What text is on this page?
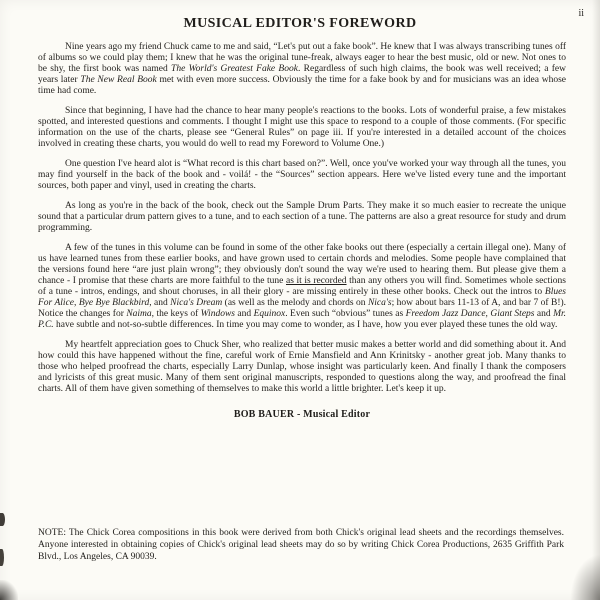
ii
MUSICAL EDITOR'S FOREWORD

Nine years ago my friend Chuck came to me and said, “Let's put out a fake book”. He knew that I was always transcribing tunes off of albums so we could play them; I knew that he was the original tune-freak, always eager to hear the best music, old or new. Not ones to be shy, the first book was named The World's Greatest Fake Book. Regardless of such high claims, the book was well received; a few years later The New Real Book met with even more success. Obviously the time for a fake book by and for musicians was an idea whose time had come.

Since that beginning, I have had the chance to hear many people's reactions to the books. Lots of wonderful praise, a few mistakes spotted, and interested questions and comments. I thought I might use this space to respond to a couple of those comments. (For specific information on the use of the charts, please see “General Rules” on page iii. If you're interested in a detailed account of the choices involved in creating these charts, you would do well to read my Foreword to Volume One.)

One question I've heard alot is “What record is this chart based on?”. Well, once you've worked your way through all the tunes, you may find yourself in the back of the book and - voilá! - the “Sources” section appears. Here we've listed every tune and the important sources, both paper and vinyl, used in creating the charts.

As long as you're in the back of the book, check out the Sample Drum Parts. They make it so much easier to recreate the unique sound that a particular drum pattern gives to a tune, and to each section of a tune. The patterns are also a great resource for study and drum programming.

A few of the tunes in this volume can be found in some of the other fake books out there (especially a certain illegal one). Many of us have learned tunes from these earlier books, and have grown used to certain chords and melodies. Some people have complained that the versions found here “are just plain wrong”; they obviously don't sound the way we're used to hearing them. But please give them a chance - I promise that these charts are more faithful to the tune as it is recorded than any others you will find. Sometimes whole sections of a tune - intros, endings, and shout choruses, in all their glory - are missing entirely in these other books. Check out the intros to Blues For Alice, Bye Bye Blackbird, and Nica's Dream (as well as the melody and chords on Nica's; how about bars 11-13 of A, and bar 7 of B!). Notice the changes for Naima, the keys of Windows and Equinox. Even such “obvious” tunes as Freedom Jazz Dance, Giant Steps and Mr. P.C. have subtle and not-so-subtle differences. In time you may come to wonder, as I have, how you ever played these tunes the old way.

My heartfelt appreciation goes to Chuck Sher, who realized that better music makes a better world and did something about it. And how could this have happened without the fine, careful work of Ernie Mansfield and Ann Krinitsky - another great job. Many thanks to those who helped proofread the charts, especially Larry Dunlap, whose insight was particularly keen. And finally I thank the composers and lyricists of this great music. Many of them sent original manuscripts, responded to questions along the way, and proofread the final charts. All of them have given something of themselves to make this world a little brighter. Let's keep it up.

BOB BAUER - Musical Editor
NOTE: The Chick Corea compositions in this book were derived from both Chick's original lead sheets and the recordings themselves. Anyone interested in obtaining copies of Chick's original lead sheets may do so by writing Chick Corea Productions, 2635 Griffith Park Blvd., Los Angeles, CA 90039.
